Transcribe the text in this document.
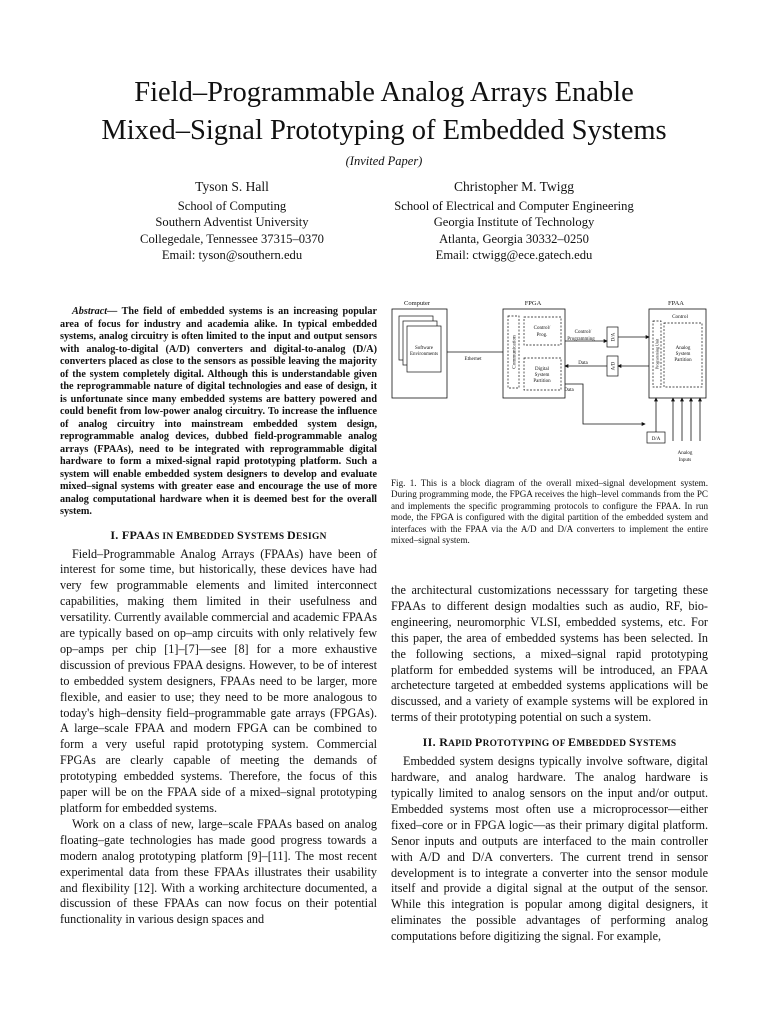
Field–Programmable Analog Arrays Enable
Mixed–Signal Prototyping of Embedded Systems
(Invited Paper)
Tyson S. Hall
School of Computing
Southern Adventist University
Collegedale, Tennessee 37315–0370
Email: tyson@southern.edu
Christopher M. Twigg
School of Electrical and Computer Engineering
Georgia Institute of Technology
Atlanta, Georgia 30332–0250
Email: ctwigg@ece.gatech.edu

Abstract— The field of embedded systems is an increasing popular area of focus for industry and academia alike. In typical embedded systems, analog circuitry is often limited to the input and output sensors with analog-to-digital (A/D) converters and digital-to-analog (D/A) converters placed as close to the sensors as possible leaving the majority of the system completely digital. Although this is understandable given the reprogrammable nature of digital technologies and ease of design, it is unfortunate since many embedded systems are battery powered and could benefit from low-power analog circuitry. To increase the influence of analog circuitry into mainstream embedded system design, reprogrammable analog devices, dubbed field-programmable analog arrays (FPAAs), need to be integrated with reprogrammable digital hardware to form a mixed-signal rapid prototyping platform. Such a system will enable embedded system designers to develop and evaluate mixed–signal systems with greater ease and encourage the use of more analog computational hardware when it is deemed best for the overall system.

I. FPAAS IN EMBEDDED SYSTEMS DESIGN

Field–Programmable Analog Arrays (FPAAs) have been of interest for some time, but historically, these devices have had very few programmable elements and limited interconnect capabilities, making them limited in their usefulness and versatility. Currently available commercial and academic FPAAs are typically based on op–amp circuits with only relatively few op–amps per chip [1]–[7]—see [8] for a more exhaustive discussion of previous FPAA designs. However, to be of interest to embedded system designers, FPAAs need to be larger, more flexible, and easier to use; they need to be more analogous to today's high–density field–programmable gate arrays (FPGAs). A large–scale FPAA and modern FPGA can be combined to form a very useful rapid prototyping system. Commercial FPGAs are clearly capable of meeting the demands of prototyping embedded systems. Therefore, the focus of this paper will be on the FPAA side of a mixed–signal prototyping platform for embedded systems.

Work on a class of new, large–scale FPAAs based on analog floating–gate technologies has made good progress towards a modern analog prototyping platform [9]–[11]. The most recent experimental data from these FPAAs illustrates their usability and flexibility [12]. With a working architecture documented, a discussion of these FPAAs can now focus on their potential functionality in various design spaces and

Computer	FPGA	FPAA
Software
Environments
Ethernet	Communication
Control/
Prog.
Digital
System
Partition
Control/
Programming	D/A
A/D
Data
Data
Control
Programming Unit	Analog
System
Partition
D/A
Analog
Inputs

Fig. 1. This is a block diagram of the overall mixed–signal development system. During programming mode, the FPGA receives the high–level commands from the PC and implements the specific programming protocols to configure the FPAA. In run mode, the FPGA is configured with the digital partition of the embedded system and interfaces with the FPAA via the A/D and D/A converters to implement the entire mixed–signal system.

the architectural customizations necesssary for targeting these FPAAs to different design modalties such as audio, RF, bio-engineering, neuromorphic VLSI, embedded systems, etc. For this paper, the area of embedded systems has been selected. In the following sections, a mixed–signal rapid prototyping platform for embedded systems will be introduced, an FPAA archetecture targeted at embedded systems applications will be discussed, and a variety of example systems will be explored in terms of their prototyping potential on such a system.

II. RAPID PROTOTYPING OF EMBEDDED SYSTEMS

Embedded system designs typically involve software, digital hardware, and analog hardware. The analog hardware is typically limited to analog sensors on the input and/or output. Embedded systems most often use a microprocessor—either fixed–core or in FPGA logic—as their primary digital platform. Senor inputs and outputs are interfaced to the main controller with A/D and D/A converters. The current trend in sensor development is to integrate a converter into the sensor module itself and provide a digital signal at the output of the sensor. While this integration is popular among digital designers, it eliminates the possible advantages of performing analog computations before digitizing the signal. For example,
